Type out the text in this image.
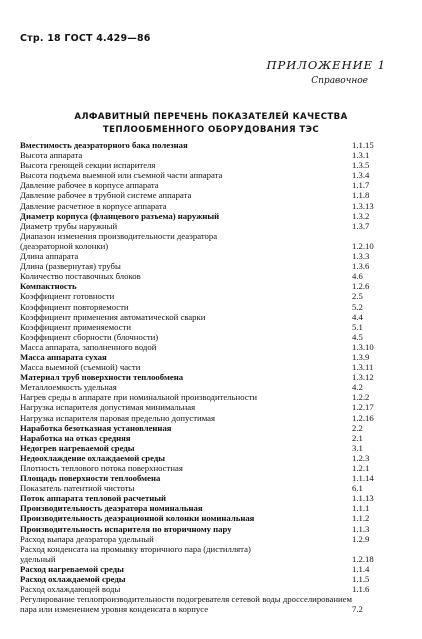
Стр. 18 ГОСТ 4.429—86
ПРИЛОЖЕНИЕ 1
Справочное
АЛФАВИТНЫЙ ПЕРЕЧЕНЬ ПОКАЗАТЕЛЕЙ КАЧЕСТВА
ТЕПЛООБМЕННОГО ОБОРУДОВАНИЯ ТЭС
Вместимость деаэраторного бака полезная	1.1.15
Высота аппарата	1.3.1
Высота греющей секции испарителя	1.3.5
Высота подъема выемной или съемной части аппарата	1.3.4
Давление рабочее в корпусе аппарата	1.1.7
Давление рабочее в трубной системе аппарата	1.1.8
Давление расчетное в корпусе аппарата	1.3.13
Диаметр корпуса (фланцевого разъема) наружный	1.3.2
Диаметр трубы наружный	1.3.7
Диапазон изменения производительности деаэратора
(деаэраторной колонки)	1.2.10
Длина аппарата	1.3.3
Длина (развернутая) трубы	1.3.6
Количество поставочных блоков	4.6
Компактность	1.2.6
Коэффициент готовности	2.5
Коэффициент повторяемости	5.2
Коэффициент применения автоматической сварки	4.4
Коэффициент применяемости	5.1
Коэффициент сборности (блочности)	4.5
Масса аппарата, заполненного водой	1.3.10
Масса аппарата сухая	1.3.9
Масса выемной (съемной) части	1.3.11
Материал труб поверхности теплообмена	1.3.12
Металлоемкость удельная	4.2
Нагрев среды в аппарате при номинальной производительности	1.2.2
Нагрузка испарителя допустимая минимальная	1.2.17
Нагрузка испарителя паровая предельно допустимая	1.2.16
Наработка безотказная установленная	2.2
Наработка на отказ средняя	2.1
Недогрев нагреваемой среды	3.1
Недоохлаждение охлаждаемой среды	1.2.3
Плотность теплового потока поверхностная	1.2.1
Площадь поверхности теплообмена	1.1.14
Показатель патентной чистоты	6.1
Поток аппарата тепловой расчетный	1.1.13
Производительность деаэратора номинальная	1.1.1
Производительность деаэрационной колонки номинальная	1.1.2
Производительность испарителя по вторичному пару	1.1.3
Расход выпара деаэратора удельный	1.2.9
Расход конденсата на промывку вторичного пара (дистиллята)
удельный	1.2.18
Расход нагреваемой среды	1.1.4
Расход охлаждаемой среды	1.1.5
Расход охлаждающей воды	1.1.6
Регулирование теплопроизводительности подогревателя сетевой воды дросселированием пара или изменением уровня конденсата в корпусе	7.2
